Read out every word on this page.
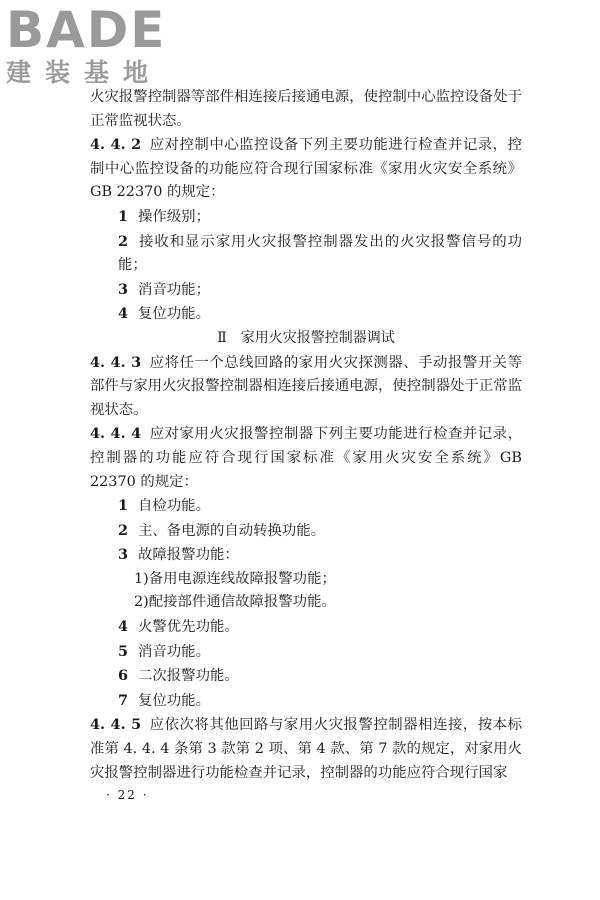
BADE
建装基地

火灾报警控制器等部件相连接后接通电源，使控制中心监控设备处于正常监视状态。

4. 4. 2 应对控制中心监控设备下列主要功能进行检查并记录，控制中心监控设备的功能应符合现行国家标准《家用火灾安全系统》GB 22370 的规定：

1 操作级别；

2 接收和显示家用火灾报警控制器发出的火灾报警信号的功能；

3 消音功能；

4 复位功能。

Ⅱ 家用火灾报警控制器调试

4. 4. 3 应将任一个总线回路的家用火灾探测器、手动报警开关等部件与家用火灾报警控制器相连接后接通电源，使控制器处于正常监视状态。

4. 4. 4 应对家用火灾报警控制器下列主要功能进行检查并记录，控制器的功能应符合现行国家标准《家用火灾安全系统》GB 22370 的规定：

1 自检功能。

2 主、备电源的自动转换功能。

3 故障报警功能：

1)备用电源连线故障报警功能；

2)配接部件通信故障报警功能。

4 火警优先功能。

5 消音功能。

6 二次报警功能。

7 复位功能。

4. 4. 5 应依次将其他回路与家用火灾报警控制器相连接，按本标准第 4. 4. 4 条第 3 款第 2 项、第 4 款、第 7 款的规定，对家用火灾报警控制器进行功能检查并记录，控制器的功能应符合现行国家

· 22 ·
